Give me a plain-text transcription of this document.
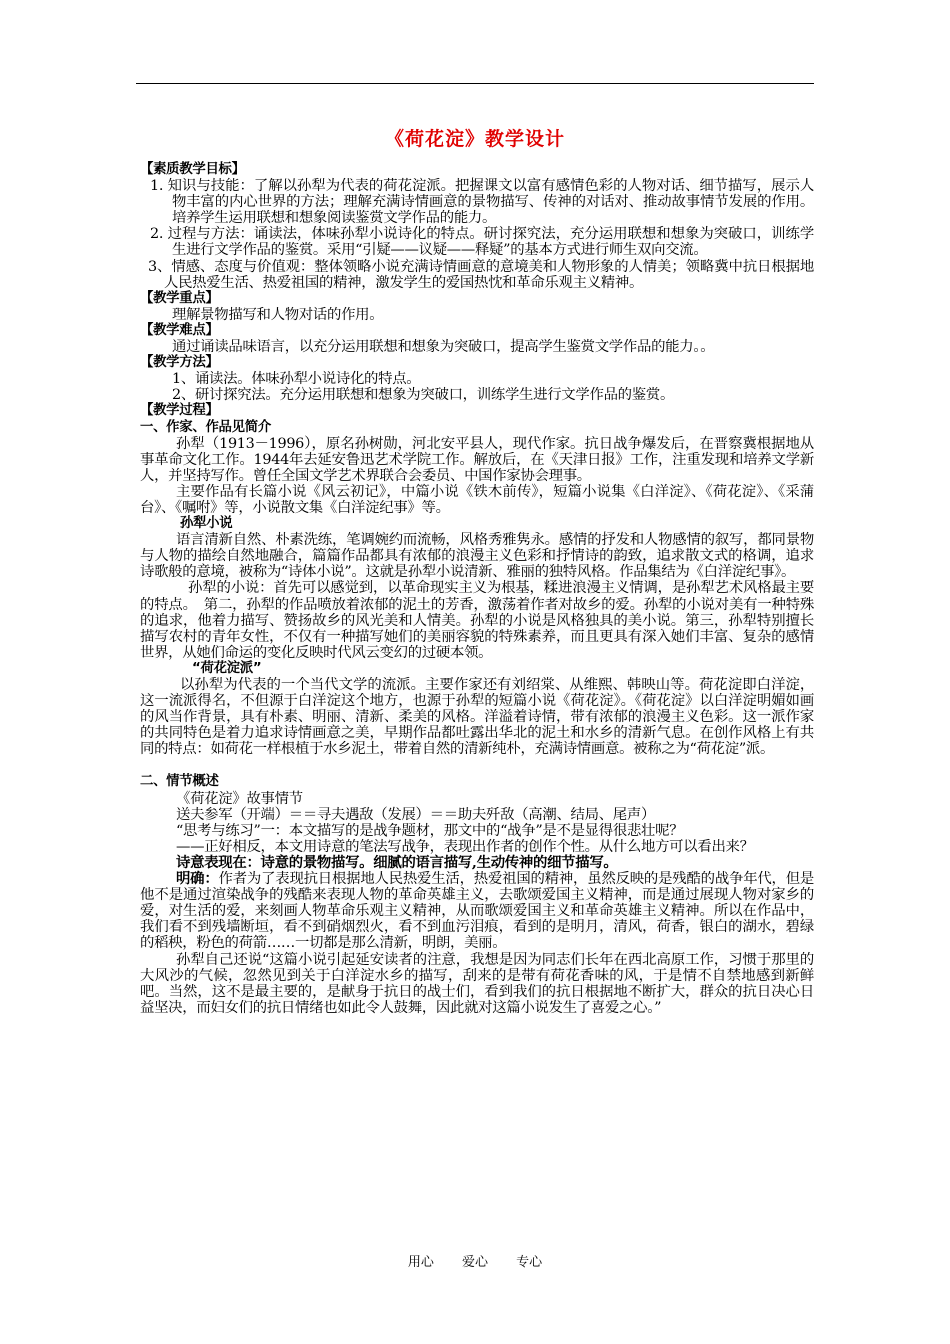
《荷花淀》教学设计

【素质教学目标】

1. 知识与技能：了解以孙犁为代表的荷花淀派。把握课文以富有感情色彩的人物对话、细节描写，展示人物丰富的内心世界的方法；理解充满诗情画意的景物描写、传神的对话对、推动故事情节发展的作用。培养学生运用联想和想象阅读鉴赏文学作品的能力。

2. 过程与方法：诵读法，体味孙犁小说诗化的特点。研讨探究法，充分运用联想和想象为突破口，训练学生进行文学作品的鉴赏。采用“引疑——议疑——释疑”的基本方式进行师生双向交流。

3、情感、态度与价值观：整体领略小说充满诗情画意的意境美和人物形象的人情美；领略冀中抗日根据地人民热爱生活、热爱祖国的精神，激发学生的爱国热忱和革命乐观主义精神。

【教学重点】

理解景物描写和人物对话的作用。

【教学难点】

通过诵读品味语言，以充分运用联想和想象为突破口，提高学生鉴赏文学作品的能力。。

【教学方法】

1、诵读法。体味孙犁小说诗化的特点。

2、研讨探究法。充分运用联想和想象为突破口，训练学生进行文学作品的鉴赏。

【教学过程】

一、作家、作品见简介

孙犁（1913－1996），原名孙树勋，河北安平县人，现代作家。抗日战争爆发后，在晋察冀根据地从事革命文化工作。1944年去延安鲁迅艺术学院工作。解放后，在《天津日报》工作，注重发现和培养文学新人，并坚持写作。曾任全国文学艺术界联合会委员、中国作家协会理事。

主要作品有长篇小说《风云初记》，中篇小说《铁木前传》，短篇小说集《白洋淀》、《荷花淀》、《采蒲台》、《嘱咐》等，小说散文集《白洋淀纪事》等。

孙犁小说

语言清新自然、朴素洗练，笔调婉约而流畅，风格秀雅隽永。感情的抒发和人物感情的叙写，都同景物与人物的描绘自然地融合，篇篇作品都具有浓郁的浪漫主义色彩和抒情诗的韵致，追求散文式的格调，追求诗歌般的意境，被称为“诗体小说”。这就是孙犁小说清新、雅丽的独特风格。作品集结为《白洋淀纪事》。

孙犁的小说：首先可以感觉到，以革命现实主义为根基，糅进浪漫主义情调，是孙犁艺术风格最主要的特点。　第二，孙犁的作品喷放着浓郁的泥土的芳香，激荡着作者对故乡的爱。孙犁的小说对美有一种特殊的追求，他着力描写、赞扬故乡的风光美和人情美。孙犁的小说是风格独具的美小说。第三，孙犁特别擅长描写农村的青年女性，不仅有一种描写她们的美丽容貌的特殊素养，而且更具有深入她们丰富、复杂的感情世界，从她们命运的变化反映时代风云变幻的过硬本领。

“荷花淀派”

以孙犁为代表的一个当代文学的流派。主要作家还有刘绍棠、从维熙、韩映山等。荷花淀即白洋淀，这一流派得名，不但源于白洋淀这个地方，也源于孙犁的短篇小说《荷花淀》。《荷花淀》以白洋淀明媚如画的风当作背景，具有朴素、明丽、清新、柔美的风格。洋溢着诗情，带有浓郁的浪漫主义色彩。这一派作家的共同特色是着力追求诗情画意之美，早期作品都吐露出华北的泥土和水乡的清新气息。在创作风格上有共同的特点：如荷花一样根植于水乡泥土，带着自然的清新纯朴，充满诗情画意。被称之为“荷花淀”派。

二、情节概述

《荷花淀》故事情节

送夫参军（开端）＝＝寻夫遇敌（发展）＝＝助夫歼敌（高潮、结局、尾声）

“思考与练习”一：本文描写的是战争题材，那文中的“战争”是不是显得很悲壮呢？

——正好相反，本文用诗意的笔法写战争，表现出作者的创作个性。从什么地方可以看出来？

诗意表现在：诗意的景物描写。细腻的语言描写,生动传神的细节描写。

明确：作者为了表现抗日根据地人民热爱生活，热爱祖国的精神，虽然反映的是残酷的战争年代，但是他不是通过渲染战争的残酷来表现人物的革命英雄主义，去歌颂爱国主义精神，而是通过展现人物对家乡的爱，对生活的爱，来刻画人物革命乐观主义精神，从而歌颂爱国主义和革命英雄主义精神。所以在作品中，我们看不到残墙断垣，看不到硝烟烈火，看不到血污泪痕，看到的是明月，清风，荷香，银白的湖水，碧绿的稻秧，粉色的荷箭……一切都是那么清新，明朗，美丽。

孙犁自己还说“这篇小说引起延安读者的注意，我想是因为同志们长年在西北高原工作，习惯于那里的大风沙的气候，忽然见到关于白洋淀水乡的描写，刮来的是带有荷花香味的风，于是情不自禁地感到新鲜吧。当然，这不是最主要的，是献身于抗日的战士们，看到我们的抗日根据地不断扩大，群众的抗日决心日益坚决，而妇女们的抗日情绪也如此令人鼓舞，因此就对这篇小说发生了喜爱之心。”

用心 爱心 专心
